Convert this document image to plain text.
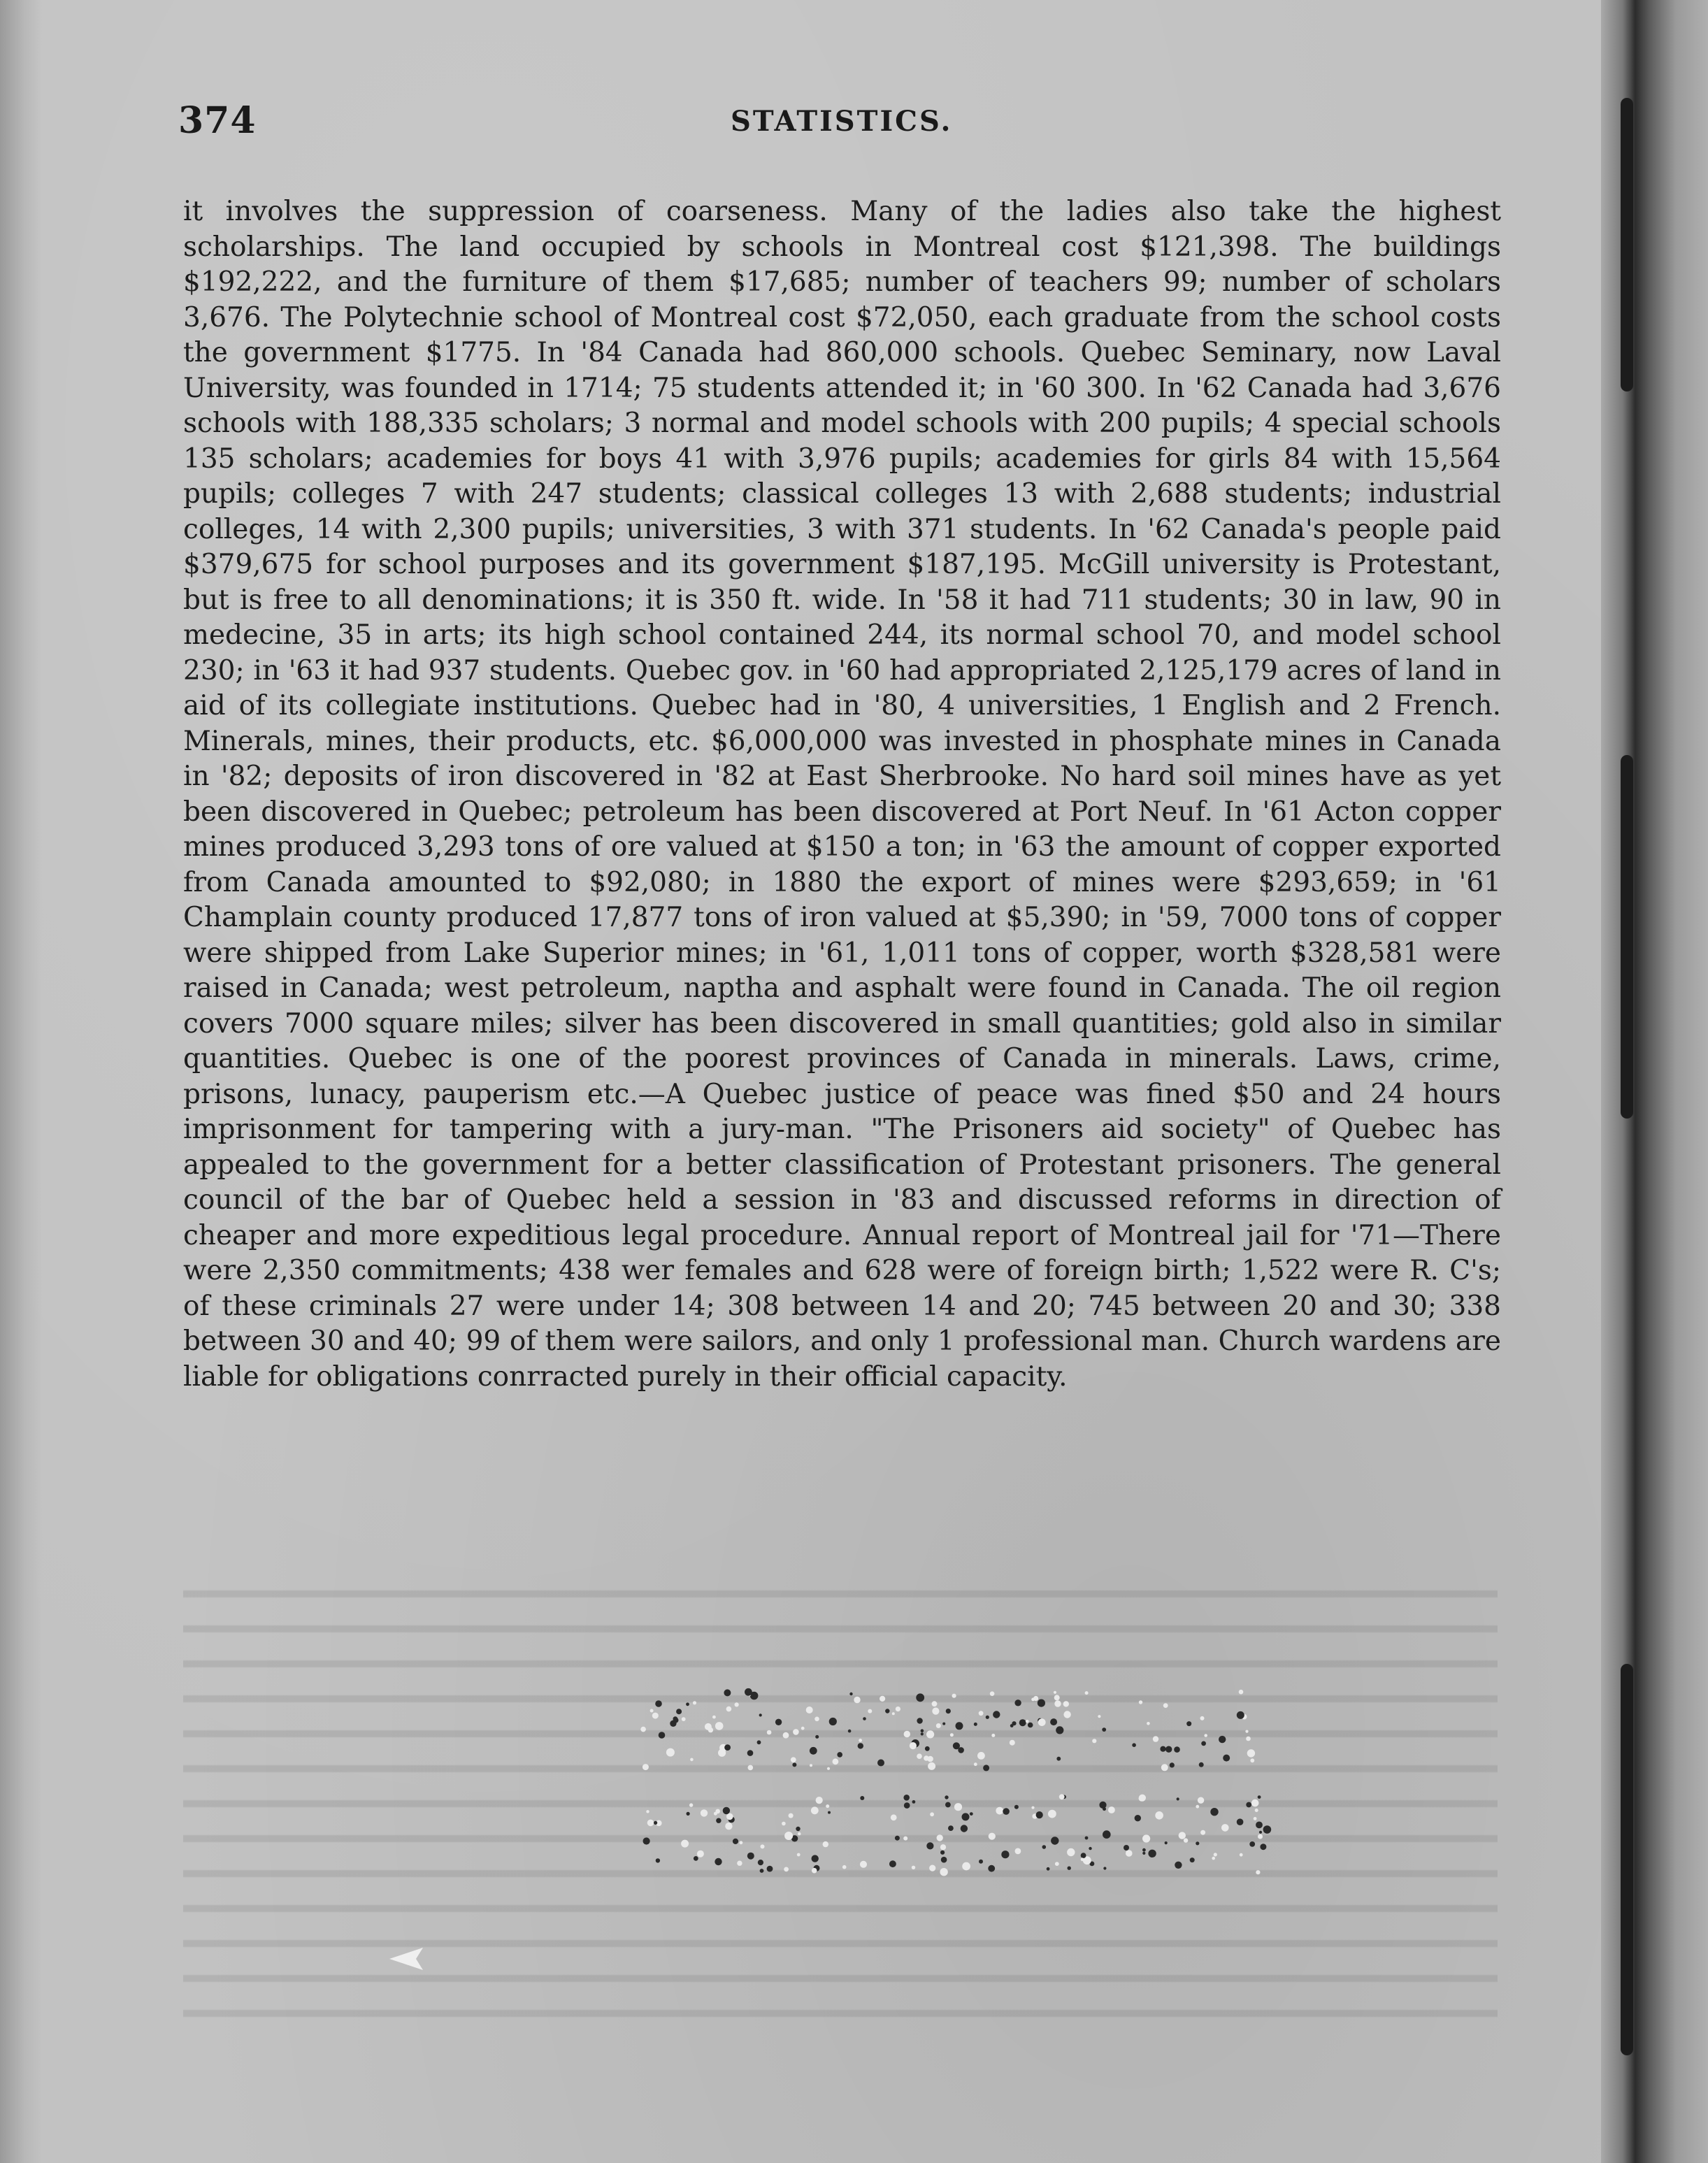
374	STATISTICS.

it involves the suppression of coarseness. Many of the ladies also take the highest scholarships. The land occupied by schools in Montreal cost $121,398. The buildings $192,222, and the furniture of them $17,685; number of teachers 99; number of scholars 3,676. The Polytechnie school of Montreal cost $72,050, each graduate from the school costs the government $1775. In '84 Canada had 860,000 schools. Quebec Seminary, now Laval University, was founded in 1714; 75 students attended it; in '60 300. In '62 Canada had 3,676 schools with 188,335 scholars; 3 normal and model schools with 200 pupils; 4 special schools 135 scholars; academies for boys 41 with 3,976 pupils; academies for girls 84 with 15,564 pupils; colleges 7 with 247 students; classical colleges 13 with 2,688 students; industrial colleges, 14 with 2,300 pupils; universities, 3 with 371 students. In '62 Canada's people paid $379,675 for school purposes and its government $187,195. McGill university is Protestant, but is free to all denominations; it is 350 ft. wide. In '58 it had 711 students; 30 in law, 90 in medecine, 35 in arts; its high school contained 244, its normal school 70, and model school 230; in '63 it had 937 students. Quebec gov. in '60 had appropriated 2,125,179 acres of land in aid of its collegiate institutions. Quebec had in '80, 4 universities, 1 English and 2 French. Minerals, mines, their products, etc. $6,000,000 was invested in phosphate mines in Canada in '82; deposits of iron discovered in '82 at East Sherbrooke. No hard soil mines have as yet been discovered in Quebec; petroleum has been discovered at Port Neuf. In '61 Acton copper mines produced 3,293 tons of ore valued at $150 a ton; in '63 the amount of copper exported from Canada amounted to $92,080; in 1880 the export of mines were $293,659; in '61 Champlain county produced 17,877 tons of iron valued at $5,390; in '59, 7000 tons of copper were shipped from Lake Superior mines; in '61, 1,011 tons of copper, worth $328,581 were raised in Canada; west petroleum, naptha and asphalt were found in Canada. The oil region covers 7000 square miles; silver has been discovered in small quantities; gold also in similar quantities. Quebec is one of the poorest provinces of Canada in minerals. Laws, crime, prisons, lunacy, pauperism etc.—A Quebec justice of peace was fined $50 and 24 hours imprisonment for tampering with a jury-man. "The Prisoners aid society" of Quebec has appealed to the government for a better classification of Protestant prisoners. The general council of the bar of Quebec held a session in '83 and discussed reforms in direction of cheaper and more expeditious legal procedure. Annual report of Montreal jail for '71—There were 2,350 commitments; 438 wer females and 628 were of foreign birth; 1,522 were R. C's; of these criminals 27 were under 14; 308 between 14 and 20; 745 between 20 and 30; 338 between 30 and 40; 99 of them were sailors, and only 1 professional man. Church wardens are liable for obligations conrracted purely in their official capacity.
